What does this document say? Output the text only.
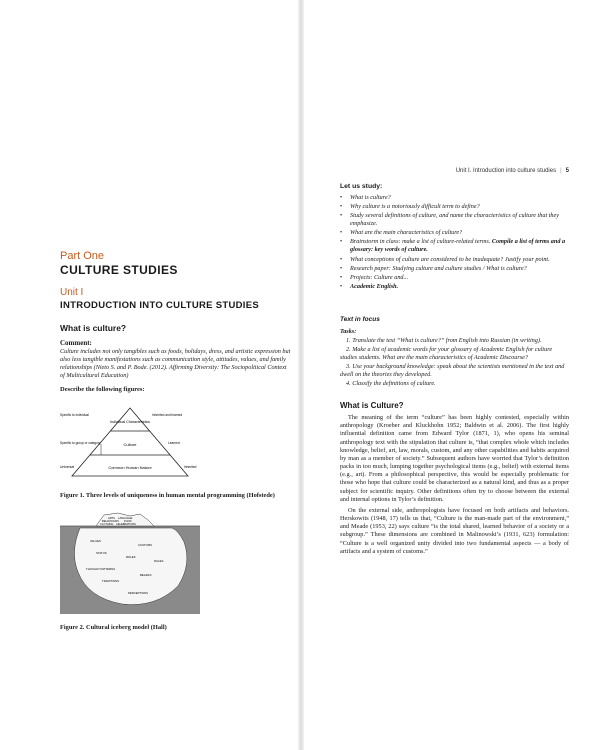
Part One

CULTURE STUDIES

Unit I

INTRODUCTION INTO CULTURE STUDIES

What is culture?

Comment:

Culture includes not only tangibles such as foods, holidays, dress, and artistic expression but also less tangible manifestations such as communication style, attitudes, values, and family relationships (Nieto S. and P. Bode. (2012). Affirming Diversity: The Sociopolitical Context of Multicultural Education)

Describe the following figures:

Individual Characteristics
Culture
Common Human Nature
Specific to individual	Inherited and learned
Specific to group or category	Learned
Universal	Inherited

Figure 1. Three levels of uniqueness in human mental programming (Hofstede)

ARTS LANGUAGE
BEHAVIOURS FOOD
CLOTHING CELEBRATIONS
VALUES
CUSTOMS
STATUS
ROLES
RULES
THOUGHT PATTERNS
BELIEFS
TRADITIONS
PERCEPTIONS

Figure 2. Cultural iceberg model (Hall)

Unit I. Introduction into culture studies | 5
Let us study:
• What is culture?
• Why culture is a notoriously difficult term to define?
• Study several definitions of culture, and name the characteristics of culture that they emphasize.
• What are the main characteristics of culture?
• Brainstorm in class: make a list of culture-related terms. Compile a list of terms and a glossary: key words of culture.
• What conceptions of culture are considered to be inadequate? Justify your point.
• Research paper: Studying culture and culture studies / What is culture?
• Projects: Culture and...
• Academic English.
Text in focus
Tasks:

1. Translate the text “What is culture?” from English into Russian (in writing).

2. Make a list of academic words for your glossary of Academic English for culture studies students. What are the main characteristics of Academic Discourse?

3. Use your background knowledge: speak about the scientists mentioned in the text and dwell on the theories they developed.

4. Classify the definitions of culture.

What is Culture?

The meaning of the term “culture” has been highly contested, especially within anthropology (Kroeber and Kluckhohn 1952; Baldwin et al. 2006). The first highly influential definition came from Edward Tylor (1871, 1), who opens his seminal anthropology text with the stipulation that culture is, “that complex whole which includes knowledge, belief, art, law, morals, custom, and any other capabilities and habits acquired by man as a member of society.” Subsequent authors have worried that Tylor’s definition packs in too much, lumping together psychological items (e.g., belief) with external items (e.g., art). From a philosophical perspective, this would be especially problematic for those who hope that culture could be characterized as a natural kind, and thus as a proper subject for scientific inquiry. Other definitions often try to choose between the external and internal options in Tylor’s definition.

On the external side, anthropologists have focused on both artifacts and behaviors. Herskowits (1948, 17) tells us that, “Culture is the man-made part of the environment,” and Meade (1953, 22) says culture “is the total shared, learned behavior of a society or a subgroup.” These dimensions are combined in Malinowski’s (1931, 623) formulation: “Culture is a well organized unity divided into two fundamental aspects — a body of artifacts and a system of customs.”
